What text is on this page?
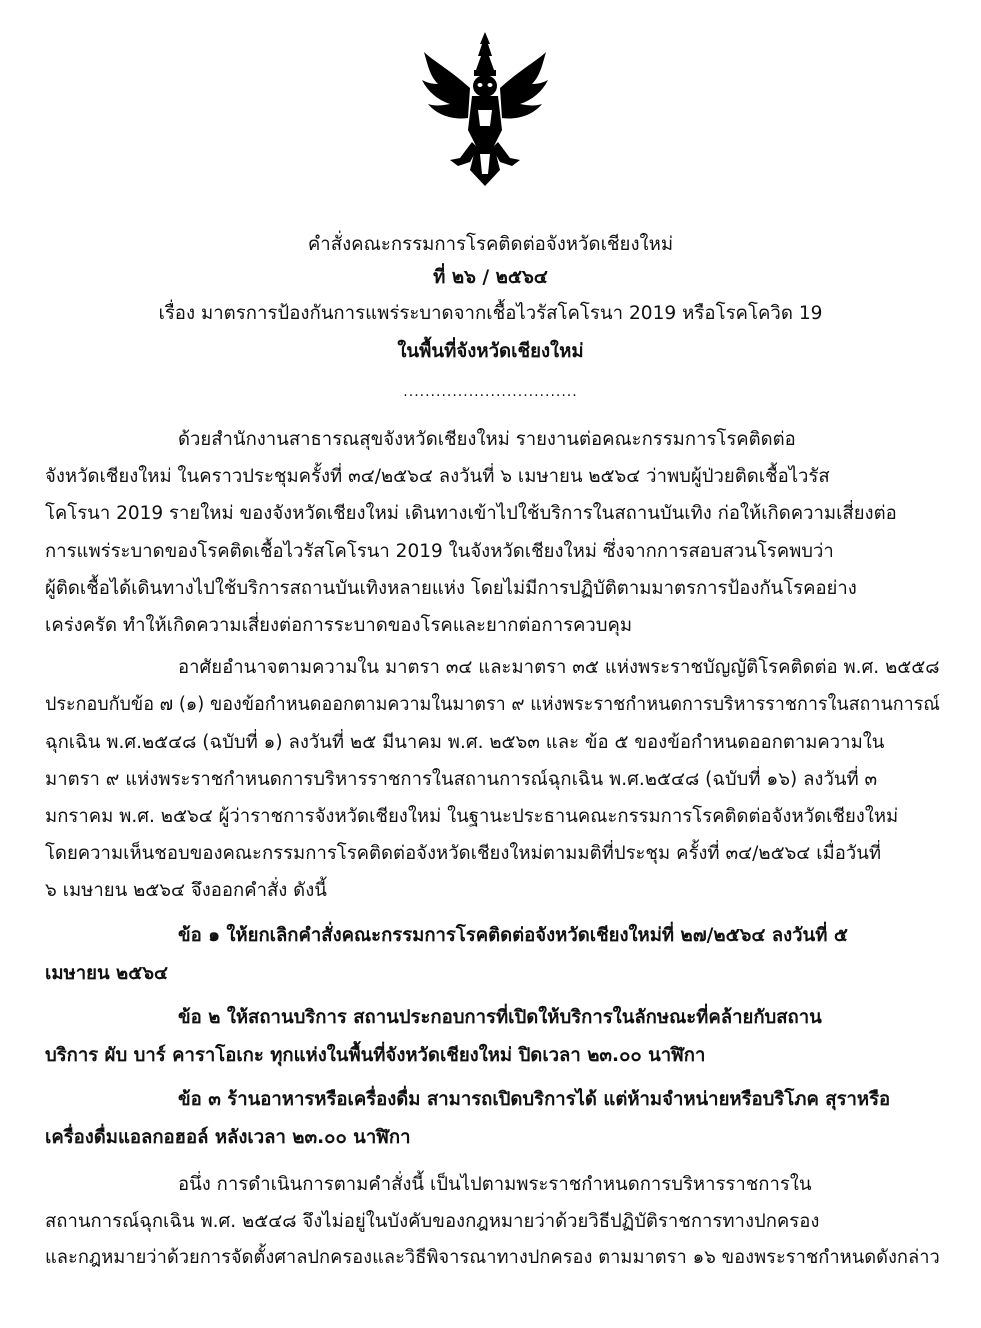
คำสั่งคณะกรรมการโรคติดต่อจังหวัดเชียงใหม่
ที่ ๒๖ / ๒๕๖๔
เรื่อง มาตรการป้องกันการแพร่ระบาดจากเชื้อไวรัสโคโรนา 2019 หรือโรคโควิด 19
ในพื้นที่จังหวัดเชียงใหม่
................................
ด้วยสำนักงานสาธารณสุขจังหวัดเชียงใหม่ รายงานต่อคณะกรรมการโรคติดต่อ
จังหวัดเชียงใหม่ ในคราวประชุมครั้งที่ ๓๔/๒๕๖๔ ลงวันที่ ๖ เมษายน ๒๕๖๔ ว่าพบผู้ป่วยติดเชื้อไวรัส
โคโรนา 2019 รายใหม่ ของจังหวัดเชียงใหม่ เดินทางเข้าไปใช้บริการในสถานบันเทิง ก่อให้เกิดความเสี่ยงต่อ
การแพร่ระบาดของโรคติดเชื้อไวรัสโคโรนา 2019 ในจังหวัดเชียงใหม่ ซึ่งจากการสอบสวนโรคพบว่า
ผู้ติดเชื้อได้เดินทางไปใช้บริการสถานบันเทิงหลายแห่ง โดยไม่มีการปฏิบัติตามมาตรการป้องกันโรคอย่าง
เคร่งครัด ทำให้เกิดความเสี่ยงต่อการระบาดของโรคและยากต่อการควบคุม
อาศัยอำนาจตามความใน มาตรา ๓๔ และมาตรา ๓๕ แห่งพระราชบัญญัติโรคติดต่อ พ.ศ. ๒๕๕๘
ประกอบกับข้อ ๗ (๑) ของข้อกำหนดออกตามความในมาตรา ๙ แห่งพระราชกำหนดการบริหารราชการในสถานการณ์
ฉุกเฉิน พ.ศ.๒๕๔๘ (ฉบับที่ ๑) ลงวันที่ ๒๕ มีนาคม พ.ศ. ๒๕๖๓ และ ข้อ ๕ ของข้อกำหนดออกตามความใน
มาตรา ๙ แห่งพระราชกำหนดการบริหารราชการในสถานการณ์ฉุกเฉิน พ.ศ.๒๕๔๘ (ฉบับที่ ๑๖) ลงวันที่ ๓
มกราคม พ.ศ. ๒๕๖๔ ผู้ว่าราชการจังหวัดเชียงใหม่ ในฐานะประธานคณะกรรมการโรคติดต่อจังหวัดเชียงใหม่
โดยความเห็นชอบของคณะกรรมการโรคติดต่อจังหวัดเชียงใหม่ตามมติที่ประชุม ครั้งที่ ๓๔/๒๕๖๔ เมื่อวันที่
๖ เมษายน ๒๕๖๔ จึงออกคำสั่ง ดังนี้
ข้อ ๑ ให้ยกเลิกคำสั่งคณะกรรมการโรคติดต่อจังหวัดเชียงใหม่ที่ ๒๗/๒๕๖๔ ลงวันที่ ๕
เมษายน ๒๕๖๔
ข้อ ๒ ให้สถานบริการ สถานประกอบการที่เปิดให้บริการในลักษณะที่คล้ายกับสถาน
บริการ ผับ บาร์ คาราโอเกะ ทุกแห่งในพื้นที่จังหวัดเชียงใหม่ ปิดเวลา ๒๓.๐๐ นาฬิกา
ข้อ ๓ ร้านอาหารหรือเครื่องดื่ม สามารถเปิดบริการได้ แต่ห้ามจำหน่ายหรือบริโภค สุราหรือ
เครื่องดื่มแอลกอฮอล์ หลังเวลา ๒๓.๐๐ นาฬิกา
อนึ่ง การดำเนินการตามคำสั่งนี้ เป็นไปตามพระราชกำหนดการบริหารราชการใน
สถานการณ์ฉุกเฉิน พ.ศ. ๒๕๔๘ จึงไม่อยู่ในบังคับของกฎหมายว่าด้วยวิธีปฏิบัติราชการทางปกครอง
และกฎหมายว่าด้วยการจัดตั้งศาลปกครองและวิธีพิจารณาทางปกครอง ตามมาตรา ๑๖ ของพระราชกำหนดดังกล่าว
